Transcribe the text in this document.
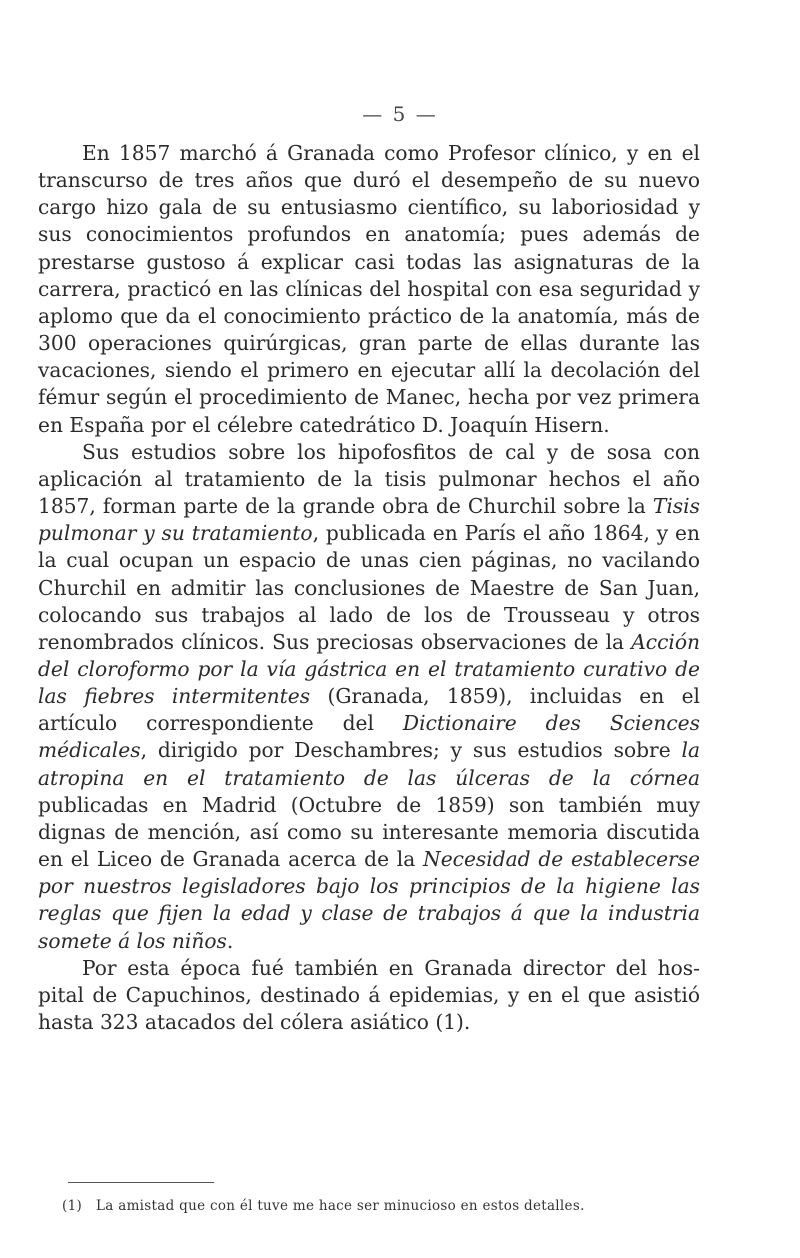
— 5 —

En 1857 marchó á Granada como Profesor clínico, y en el transcurso de tres años que duró el desempeño de su nuevo cargo hizo gala de su entusiasmo científico, su laboriosidad y sus conocimientos profundos en anatomía; pues además de prestarse gustoso á explicar casi todas las asignaturas de la carrera, practicó en las clínicas del hospital con esa seguridad y aplomo que da el conocimiento práctico de la anatomía, más de 300 operaciones quirúrgicas, gran parte de ellas durante las vacaciones, siendo el primero en ejecutar allí la decolación del fémur según el procedimiento de Manec, hecha por vez primera en España por el célebre catedrático D. Joaquín Hisern.

Sus estudios sobre los hipofosfitos de cal y de sosa con aplicación al tratamiento de la tisis pulmonar hechos el año 1857, forman parte de la grande obra de Churchil sobre la Tisis pulmonar y su tratamiento, publicada en París el año 1864, y en la cual ocupan un espacio de unas cien páginas, no vacilando Churchil en admitir las conclusiones de Maestre de San Juan, colocando sus trabajos al lado de los de Trousseau y otros renombrados clínicos. Sus preciosas observaciones de la Acción del cloroformo por la vía gástrica en el tratamiento curativo de las fiebres intermitentes (Granada, 1859), incluidas en el artículo correspondiente del Dictionaire des Sciences médicales, dirigido por Deschambres; y sus estudios sobre la atropina en el tratamiento de las úlceras de la córnea publicadas en Madrid (Octubre de 1859) son también muy dignas de mención, así como su interesante memoria discutida en el Liceo de Granada acerca de la Necesidad de establecerse por nuestros legisladores bajo los principios de la higiene las reglas que fijen la edad y clase de trabajos á que la industria somete á los niños.

Por esta época fué también en Granada director del hospital de Capuchinos, destinado á epidemias, y en el que asistió hasta 323 atacados del cólera asiático (1).

(1) La amistad que con él tuve me hace ser minucioso en estos detalles.
